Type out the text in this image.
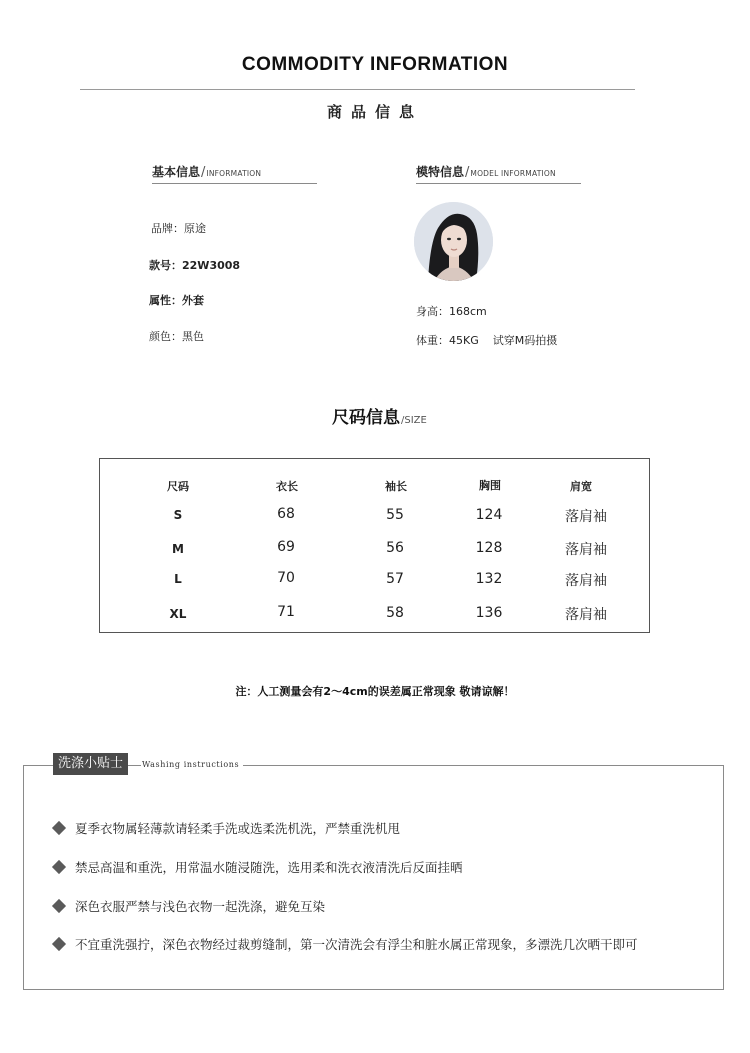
COMMODITY INFORMATION
商品信息
基本信息/INFORMATION
品牌：原途
款号：22W3008
属性：外套
颜色：黑色
模特信息/MODEL INFORMATION
身高：168cm
体重：45KG 试穿M码拍摄
尺码信息/SIZE
尺码	衣长	袖长	胸围	肩宽
S	68	55	124	落肩袖
M	69	56	128	落肩袖
L	70	57	132	落肩袖
XL	71	58	136	落肩袖
注：人工测量会有2～4cm的误差属正常现象 敬请谅解！
洗涤小贴士	Washing instructions
夏季衣物属轻薄款请轻柔手洗或选柔洗机洗，严禁重洗机甩
禁忌高温和重洗，用常温水随浸随洗，选用柔和洗衣液清洗后反面挂晒
深色衣服严禁与浅色衣物一起洗涤，避免互染
不宜重洗强拧，深色衣物经过裁剪缝制，第一次清洗会有浮尘和脏水属正常现象，多漂洗几次晒干即可
